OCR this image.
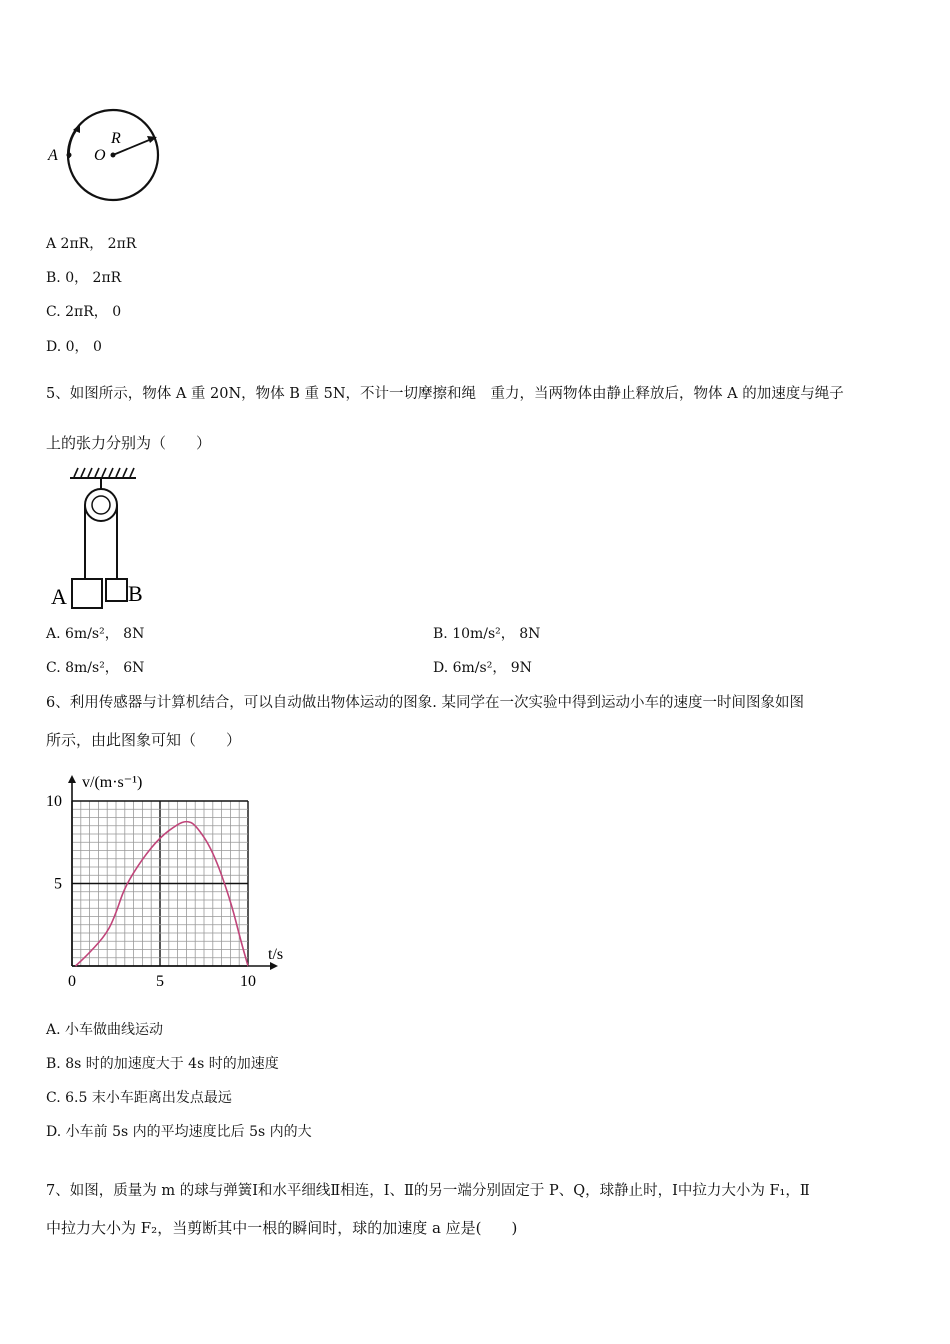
A O
R
A 2πR， 2πR
B. 0， 2πR
C. 2πR， 0
D. 0， 0
5、如图所示，物体 A 重 20N，物体 B 重 5N，不计一切摩擦和绳　重力，当两物体由静止释放后，物体 A 的加速度与绳子
上的张力分别为（　　）
A	B
A. 6m/s²， 8N	B. 10m/s²， 8N
C. 8m/s²， 6N	D. 6m/s²， 9N
6、利用传感器与计算机结合，可以自动做出物体运动的图象. 某同学在一次实验中得到运动小车的速度一时间图象如图
所示，由此图象可知（　　）
0	5	10
5
10
t/s
v/(m·s⁻¹)
A. 小车做曲线运动
B. 8s 时的加速度大于 4s 时的加速度
C. 6.5 末小车距离出发点最远
D. 小车前 5s 内的平均速度比后 5s 内的大
7、如图，质量为 m 的球与弹簧Ⅰ和水平细线Ⅱ相连，Ⅰ、Ⅱ的另一端分别固定于 P、Q，球静止时，Ⅰ中拉力大小为 F₁，Ⅱ
中拉力大小为 F₂，当剪断其中一根的瞬间时，球的加速度 a 应是(　　)
